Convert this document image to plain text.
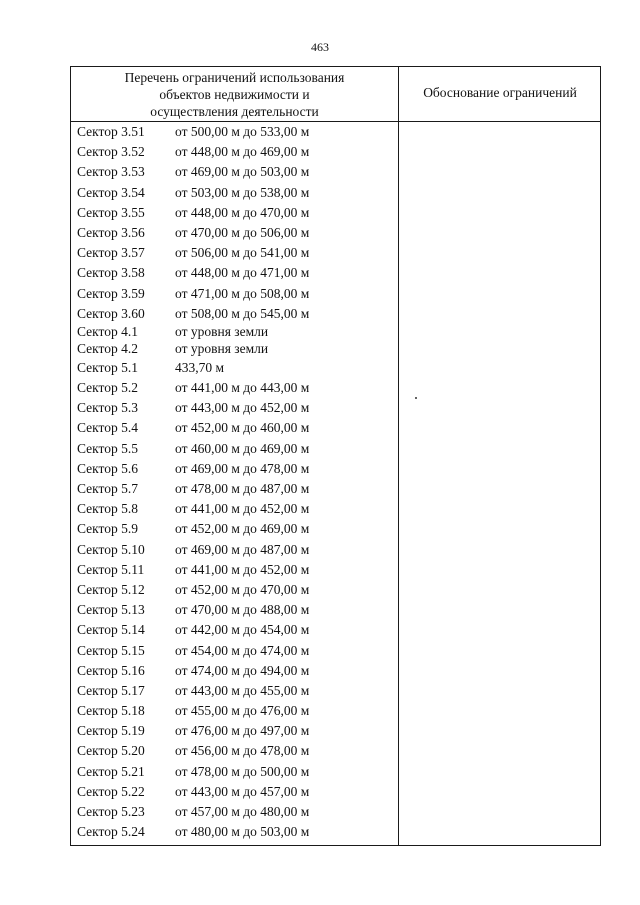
463
Перечень ограничений использования
объектов недвижимости и
осуществления деятельности
Обоснование ограничений
Сектор 3.51 от 500,00 м до 533,00 м
Сектор 3.52 от 448,00 м до 469,00 м
Сектор 3.53 от 469,00 м до 503,00 м
Сектор 3.54 от 503,00 м до 538,00 м
Сектор 3.55 от 448,00 м до 470,00 м
Сектор 3.56 от 470,00 м до 506,00 м
Сектор 3.57 от 506,00 м до 541,00 м
Сектор 3.58 от 448,00 м до 471,00 м
Сектор 3.59 от 471,00 м до 508,00 м
Сектор 3.60 от 508,00 м до 545,00 м
Сектор 4.1	от уровня земли
Сектор 4.2	от уровня земли
Сектор 5.1	433,70 м
Сектор 5.2	от 441,00 м до 443,00 м
Сектор 5.3	от 443,00 м до 452,00 м
Сектор 5.4	от 452,00 м до 460,00 м
Сектор 5.5	от 460,00 м до 469,00 м
Сектор 5.6	от 469,00 м до 478,00 м
Сектор 5.7	от 478,00 м до 487,00 м
Сектор 5.8	от 441,00 м до 452,00 м
Сектор 5.9	от 452,00 м до 469,00 м
Сектор 5.10 от 469,00 м до 487,00 м
Сектор 5.11 от 441,00 м до 452,00 м
Сектор 5.12 от 452,00 м до 470,00 м
Сектор 5.13 от 470,00 м до 488,00 м
Сектор 5.14 от 442,00 м до 454,00 м
Сектор 5.15 от 454,00 м до 474,00 м
Сектор 5.16 от 474,00 м до 494,00 м
Сектор 5.17 от 443,00 м до 455,00 м
Сектор 5.18 от 455,00 м до 476,00 м
Сектор 5.19 от 476,00 м до 497,00 м
Сектор 5.20 от 456,00 м до 478,00 м
Сектор 5.21 от 478,00 м до 500,00 м
Сектор 5.22 от 443,00 м до 457,00 м
Сектор 5.23 от 457,00 м до 480,00 м
Сектор 5.24 от 480,00 м до 503,00 м
